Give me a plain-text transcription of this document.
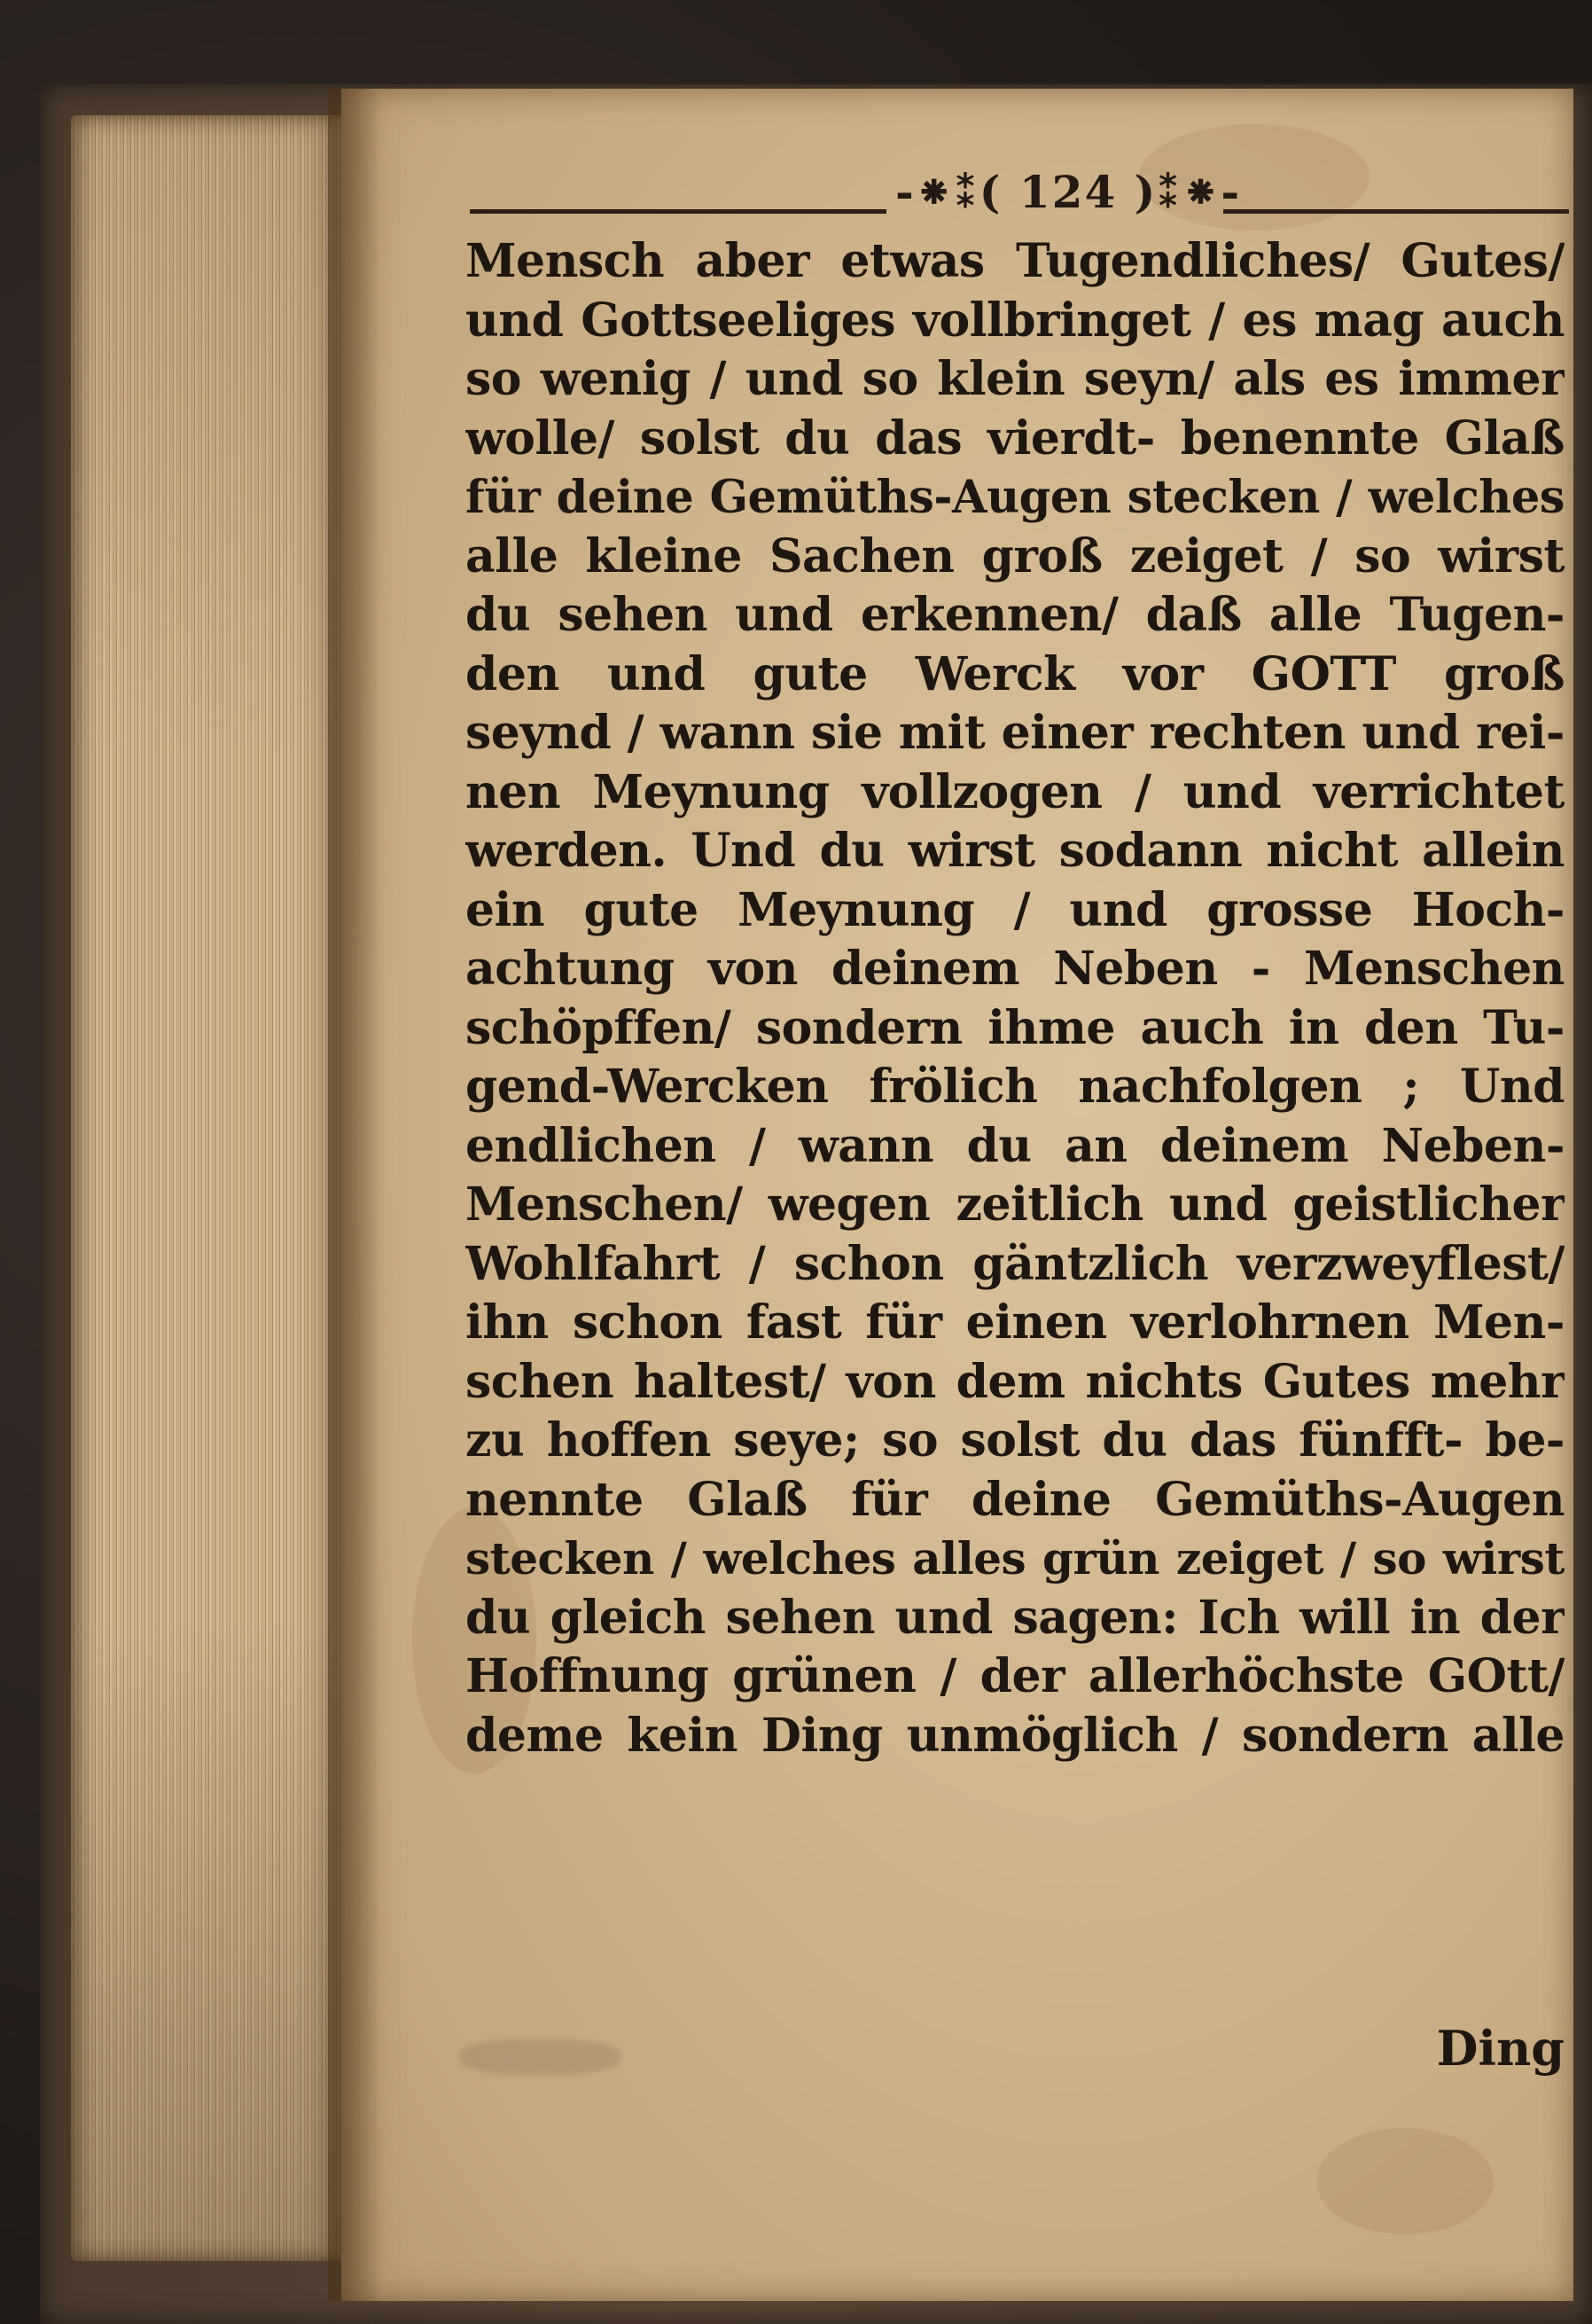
-⁕⁑( 124 )⁑⁕-
Mensch aber etwas Tugendliches/ Gutes/
und Gottseeliges vollbringet / es mag auch
so wenig / und so klein seyn/ als es immer
wolle/ solst du das vierdt- benennte Glaß
für deine Gemüths-Augen stecken / welches
alle kleine Sachen groß zeiget / so wirst
du sehen und erkennen/ daß alle Tugen-
den und gute Werck vor GOTT groß
seynd / wann sie mit einer rechten und rei-
nen Meynung vollzogen / und verrichtet
werden. Und du wirst sodann nicht allein
ein gute Meynung / und grosse Hoch-
achtung von deinem Neben - Menschen
schöpffen/ sondern ihme auch in den Tu-
gend-Wercken frölich nachfolgen ; Und
endlichen / wann du an deinem Neben-
Menschen/ wegen zeitlich und geistlicher
Wohlfahrt / schon gäntzlich verzweyflest/
ihn schon fast für einen verlohrnen Men-
schen haltest/ von dem nichts Gutes mehr
zu hoffen seye; so solst du das fünfft- be-
nennte Glaß für deine Gemüths-Augen
stecken / welches alles grün zeiget / so wirst
du gleich sehen und sagen: Ich will in der
Hoffnung grünen / der allerhöchste GOtt/
deme kein Ding unmöglich / sondern alle
Ding
